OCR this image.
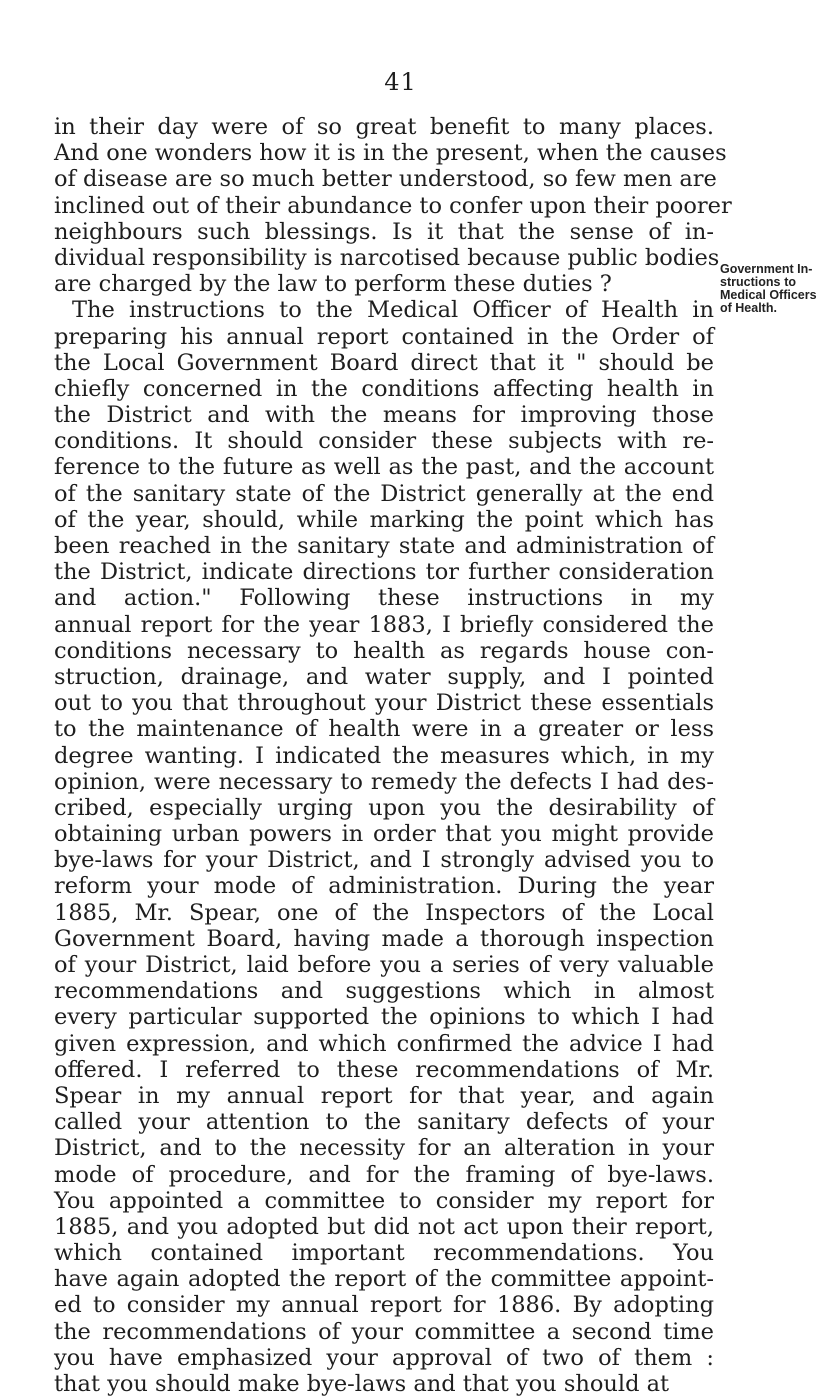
41
Government In-
structions to
Medical Officers
of Health.
in their day were of so great benefit to many places.
And one wonders how it is in the present, when the causes
of disease are so much better understood, so few men are
inclined out of their abundance to confer upon their poorer
neighbours such blessings. Is it that the sense of in-
dividual responsibility is narcotised because public bodies
are charged by the law to perform these duties ?
The instructions to the Medical Officer of Health in
preparing his annual report contained in the Order of
the Local Government Board direct that it " should be
chiefly concerned in the conditions affecting health in
the District and with the means for improving those
conditions. It should consider these subjects with re-
ference to the future as well as the past, and the account
of the sanitary state of the District generally at the end
of the year, should, while marking the point which has
been reached in the sanitary state and administration of
the District, indicate directions tor further consideration
and action." Following these instructions in my
annual report for the year 1883, I briefly considered the
conditions necessary to health as regards house con-
struction, drainage, and water supply, and I pointed
out to you that throughout your District these essentials
to the maintenance of health were in a greater or less
degree wanting. I indicated the measures which, in my
opinion, were necessary to remedy the defects I had des-
cribed, especially urging upon you the desirability of
obtaining urban powers in order that you might provide
bye-laws for your District, and I strongly advised you to
reform your mode of administration. During the year
1885, Mr. Spear, one of the Inspectors of the Local
Government Board, having made a thorough inspection
of your District, laid before you a series of very valuable
recommendations and suggestions which in almost
every particular supported the opinions to which I had
given expression, and which confirmed the advice I had
offered. I referred to these recommendations of Mr.
Spear in my annual report for that year, and again
called your attention to the sanitary defects of your
District, and to the necessity for an alteration in your
mode of procedure, and for the framing of bye-laws.
You appointed a committee to consider my report for
1885, and you adopted but did not act upon their report,
which contained important recommendations. You
have again adopted the report of the committee appoint-
ed to consider my annual report for 1886. By adopting
the recommendations of your committee a second time
you have emphasized your approval of two of them :
that you should make bye-laws and that you should at
